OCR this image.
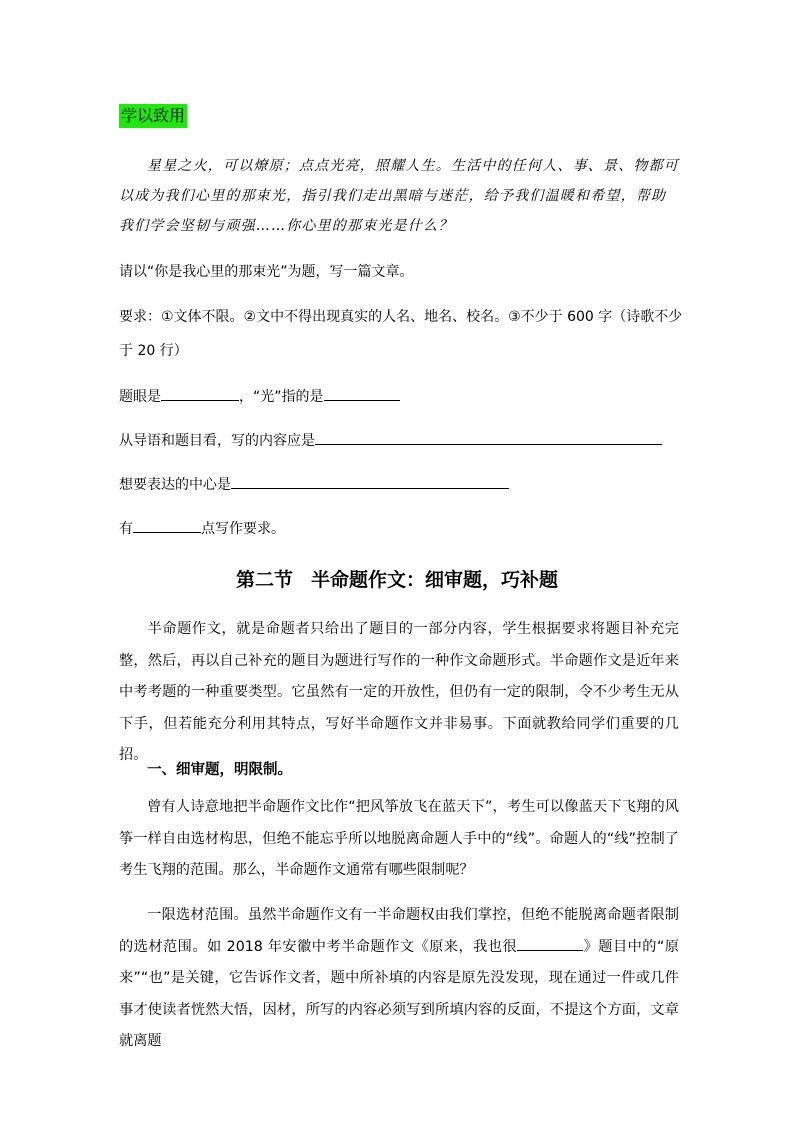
学以致用
星星之火，可以燎原；点点光亮，照耀人生。生活中的任何人、事、景、物都可以成为我们心里的那束光，指引我们走出黑暗与迷茫，给予我们温暖和希望，帮助我们学会坚韧与顽强……你心里的那束光是什么？
请以“你是我心里的那束光”为题，写一篇文章。
要求：①文体不限。②文中不得出现真实的人名、地名、校名。③不少于 600 字（诗歌不少
于 20 行）
题眼是	，“光”指的是
从导语和题目看，写的内容应是
想要表达的中心是
有	点写作要求。
第二节 半命题作文：细审题，巧补题
半命题作文，就是命题者只给出了题目的一部分内容，学生根据要求将题目补充完整，然后，再以自己补充的题目为题进行写作的一种作文命题形式。半命题作文是近年来中考考题的一种重要类型。它虽然有一定的开放性，但仍有一定的限制，令不少考生无从下手，但若能充分利用其特点，写好半命题作文并非易事。下面就教给同学们重要的几招。
一、细审题，明限制。
曾有人诗意地把半命题作文比作“把风筝放飞在蓝天下”，考生可以像蓝天下飞翔的风筝一样自由选材构思，但绝不能忘乎所以地脱离命题人手中的“线”。命题人的“线”控制了考生飞翔的范围。那么，半命题作文通常有哪些限制呢？
一限选材范围。虽然半命题作文有一半命题权由我们掌控，但绝不能脱离命题者限制的选材范围。如 2018 年安徽中考半命题作文《原来，我也很	》题目中的“原来”“也”是关键，它告诉作文者，题中所补填的内容是原先没发现，现在通过一件或几件事才使读者恍然大悟，因材，所写的内容必须写到所填内容的反面，不提这个方面，文章就离题
